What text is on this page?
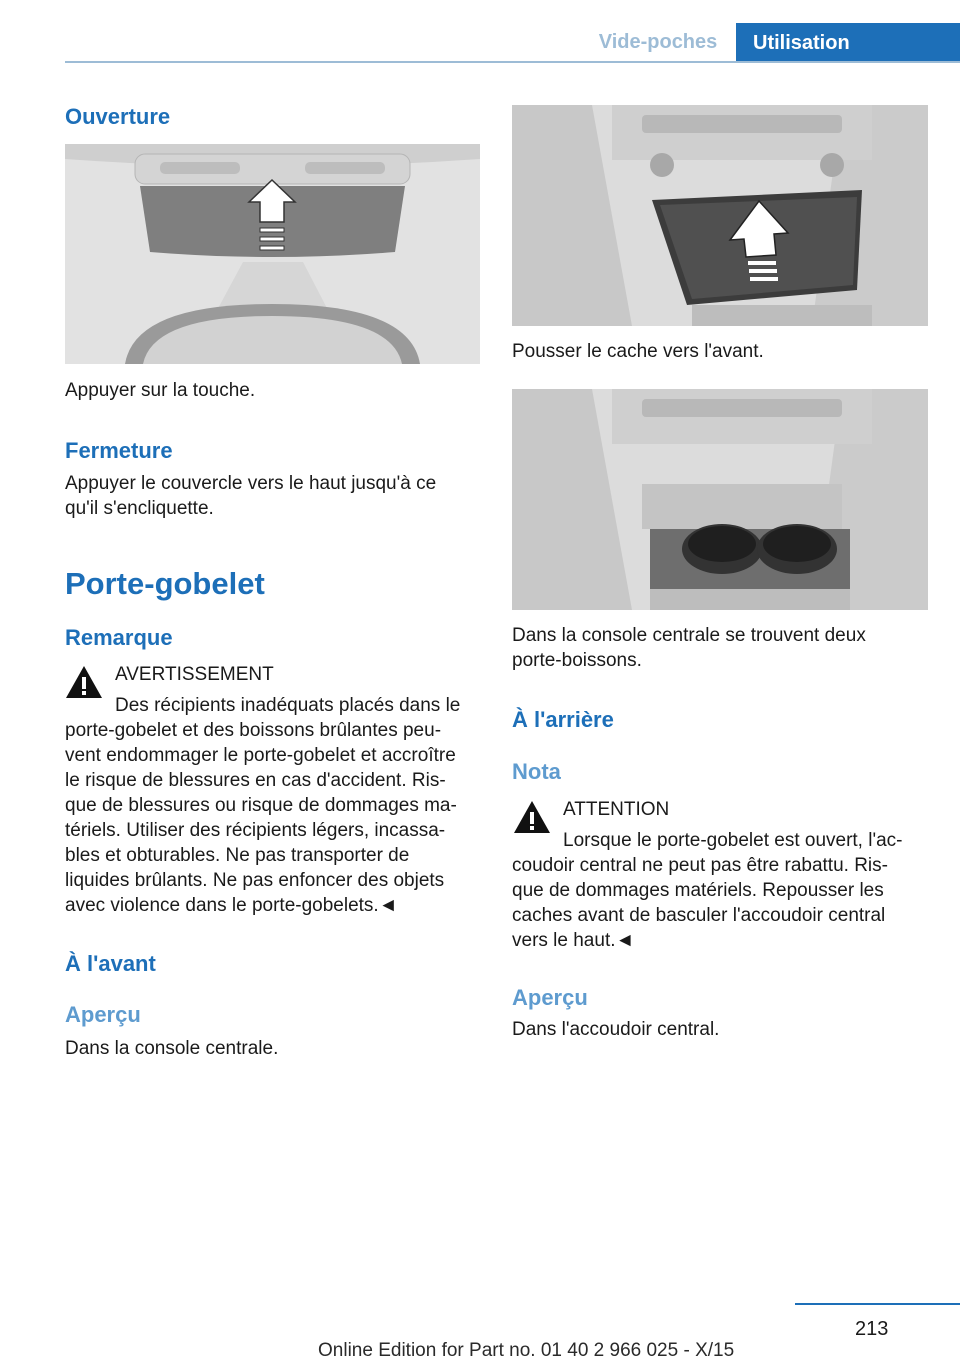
Vide-poches	Utilisation
Ouverture

Appuyer sur la touche.

Fermeture

Appuyer le couvercle vers le haut jusqu'à ce

qu'il s'encliquette.

Porte-gobelet
Remarque

AVERTISSEMENT

Des récipients inadéquats placés dans le

porte-gobelet et des boissons brûlantes peu‐

vent endommager le porte-gobelet et accroître

le risque de blessures en cas d'accident. Ris‐

que de blessures ou risque de dommages ma‐

tériels. Utiliser des récipients légers, incassa‐

bles et obturables. Ne pas transporter de

liquides brûlants. Ne pas enfoncer des objets

avec violence dans le porte-gobelets.◄

À l'avant
Aperçu

Dans la console centrale.

Pousser le cache vers l'avant.

Dans la console centrale se trouvent deux

porte-boissons.

À l'arrière
Nota

ATTENTION

Lorsque le porte-gobelet est ouvert, l'ac‐

coudoir central ne peut pas être rabattu. Ris‐

que de dommages matériels. Repousser les

caches avant de basculer l'accoudoir central

vers le haut.◄

Aperçu

Dans l'accoudoir central.

213
Online Edition for Part no. 01 40 2 966 025 - X/15
